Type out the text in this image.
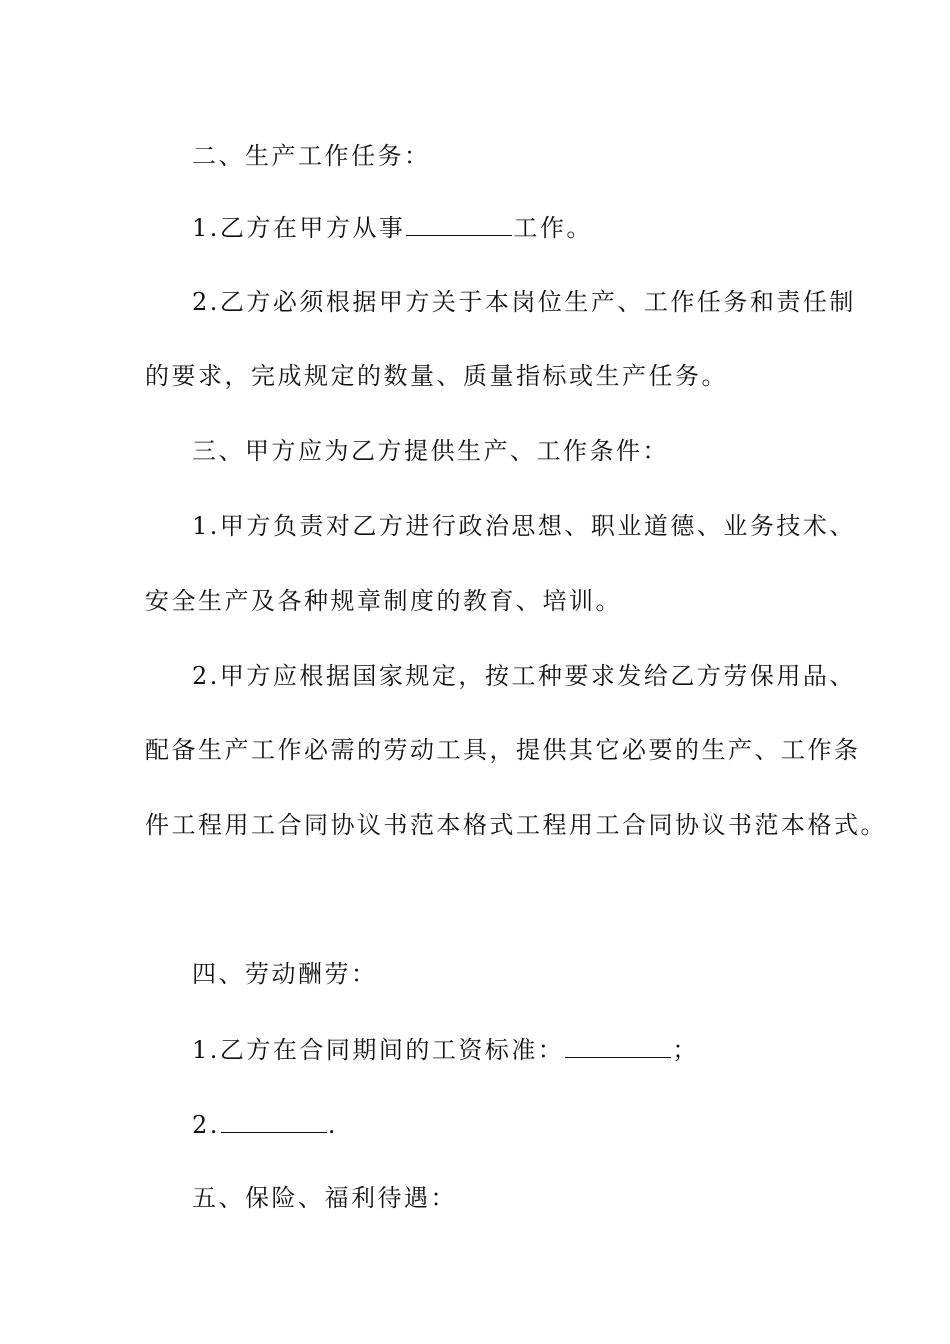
二、生产工作任务：

1.乙方在甲方从事	工作。

2.乙方必须根据甲方关于本岗位生产、工作任务和责任制

的要求，完成规定的数量、质量指标或生产任务。

三、甲方应为乙方提供生产、工作条件：

1.甲方负责对乙方进行政治思想、职业道德、业务技术、

安全生产及各种规章制度的教育、培训。

2.甲方应根据国家规定，按工种要求发给乙方劳保用品、

配备生产工作必需的劳动工具，提供其它必要的生产、工作条

件工程用工合同协议书范本格式工程用工合同协议书范本格式。

四、劳动酬劳：

1.乙方在合同期间的工资标准：	；

2.	.

五、保险、福利待遇：
